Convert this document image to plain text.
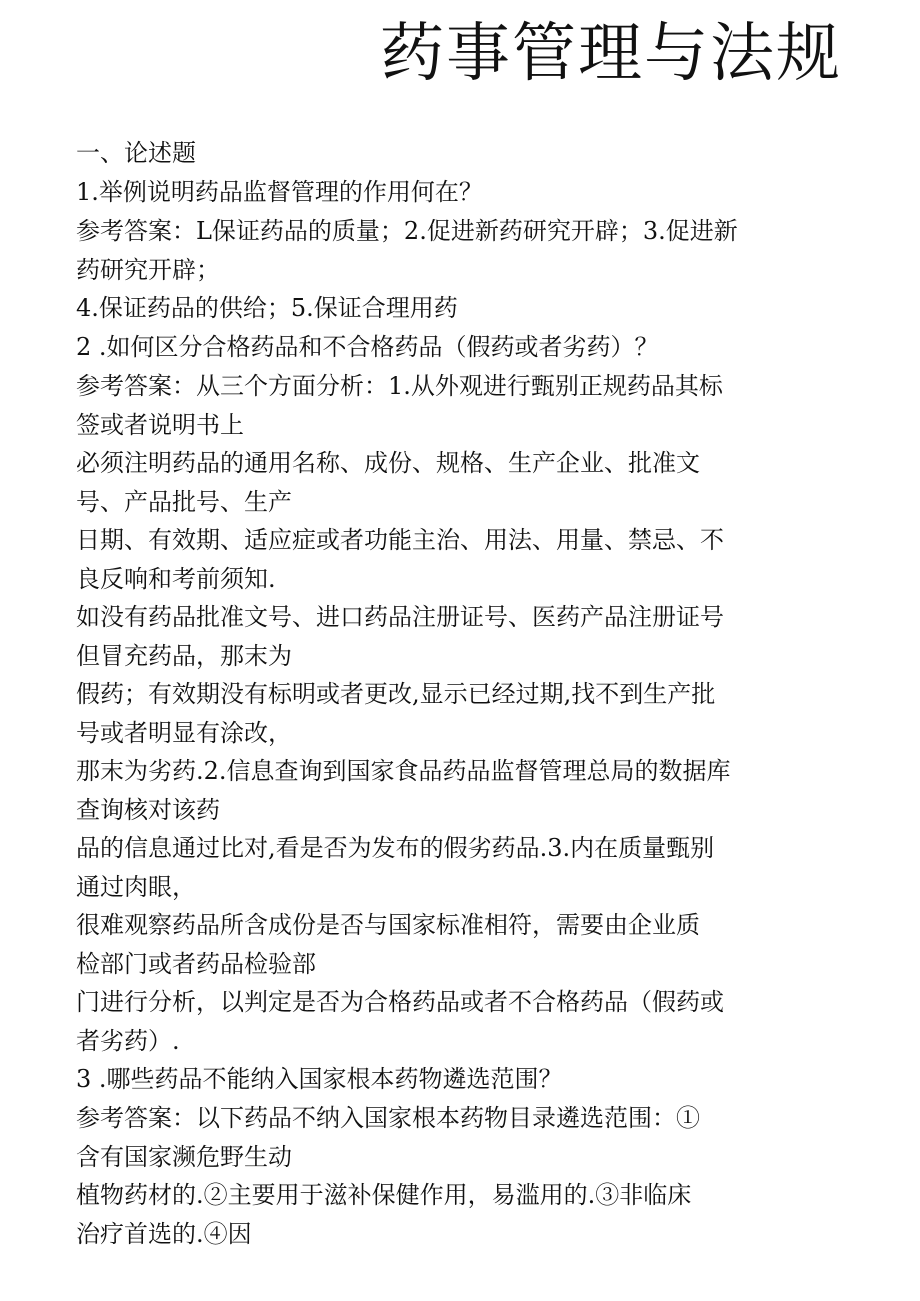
药事管理与法规

一、论述题

1.举例说明药品监督管理的作用何在？

参考答案：L保证药品的质量；2.促进新药研究开辟；3.促进新

药研究开辟；

4.保证药品的供给；5.保证合理用药

2 .如何区分合格药品和不合格药品（假药或者劣药）？

参考答案：从三个方面分析：1.从外观进行甄别正规药品其标

签或者说明书上

必须注明药品的通用名称、成份、规格、生产企业、批准文

号、产品批号、生产

日期、有效期、适应症或者功能主治、用法、用量、禁忌、不

良反响和考前须知.

如没有药品批准文号、进口药品注册证号、医药产品注册证号

但冒充药品，那末为

假药；有效期没有标明或者更改,显示已经过期,找不到生产批

号或者明显有涂改，

那末为劣药.2.信息查询到国家食品药品监督管理总局的数据库

查询核对该药

品的信息通过比对,看是否为发布的假劣药品.3.内在质量甄别

通过肉眼，

很难观察药品所含成份是否与国家标准相符，需要由企业质

检部门或者药品检验部

门进行分析，以判定是否为合格药品或者不合格药品（假药或

者劣药）.

3 .哪些药品不能纳入国家根本药物遴选范围？

参考答案：以下药品不纳入国家根本药物目录遴选范围：①

含有国家濒危野生动

植物药材的.②主要用于滋补保健作用，易滥用的.③非临床

治疗首选的.④因
